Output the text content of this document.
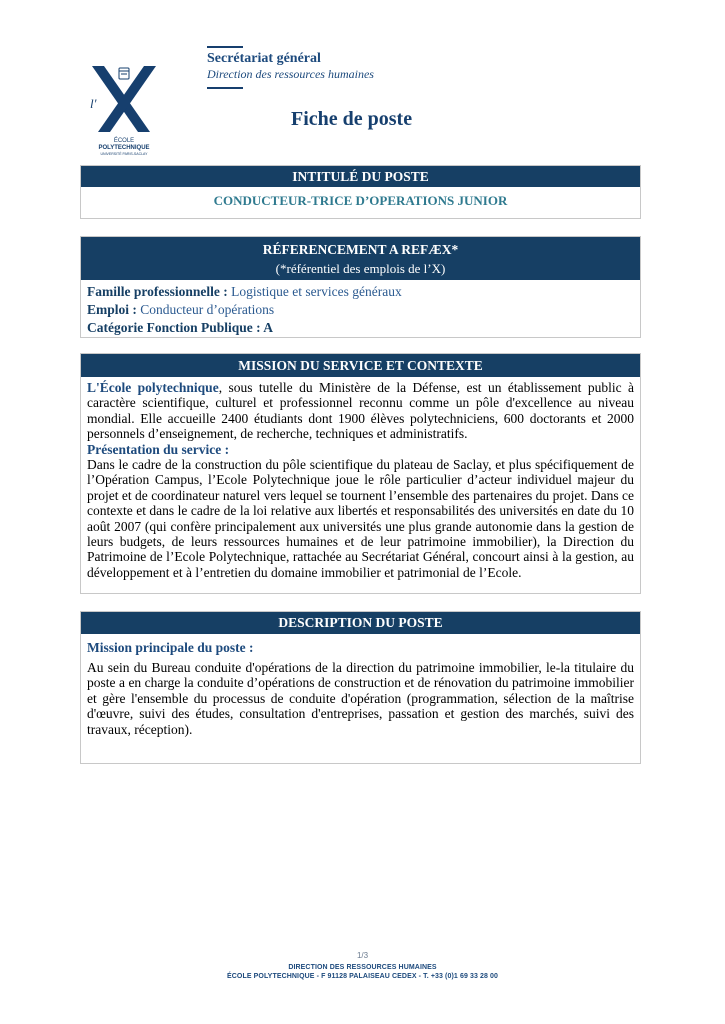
l'
ÉCOLE
POLYTECHNIQUE
UNIVERSITÉ PARIS-SACLAY
Secrétariat général
Direction des ressources humaines
Fiche de poste
INTITULÉ DU POSTE
CONDUCTEUR-TRICE D’OPERATIONS JUNIOR
RÉFERENCEMENT A REFÆX*
(*référentiel des emplois de l’X)
Famille professionnelle : Logistique et services généraux
Emploi : Conducteur d’opérations
Catégorie Fonction Publique : A
MISSION DU SERVICE ET CONTEXTE

L'École polytechnique, sous tutelle du Ministère de la Défense, est un établissement public à caractère scientifique, culturel et professionnel reconnu comme un pôle d'excellence au niveau mondial. Elle accueille 2400 étudiants dont 1900 élèves polytechniciens, 600 doctorants et 2000 personnels d’enseignement, de recherche, techniques et administratifs.

Présentation du service :

Dans le cadre de la construction du pôle scientifique du plateau de Saclay, et plus spécifiquement de l’Opération Campus, l’Ecole Polytechnique joue le rôle particulier d’acteur individuel majeur du projet et de coordinateur naturel vers lequel se tournent l’ensemble des partenaires du projet. Dans ce contexte et dans le cadre de la loi relative aux libertés et responsabilités des universités en date du 10 août 2007 (qui confère principalement aux universités une plus grande autonomie dans la gestion de leurs budgets, de leurs ressources humaines et de leur patrimoine immobilier), la Direction du Patrimoine de l’Ecole Polytechnique, rattachée au Secrétariat Général, concourt ainsi à la gestion, au développement et à l’entretien du domaine immobilier et patrimonial de l’Ecole.

DESCRIPTION DU POSTE
Mission principale du poste :
Au sein du Bureau conduite d'opérations de la direction du patrimoine immobilier, le-la titulaire du poste a en charge la conduite d’opérations de construction et de rénovation du patrimoine immobilier et gère l'ensemble du processus de conduite d'opération (programmation, sélection de la maîtrise d'œuvre, suivi des études, consultation d'entreprises, passation et gestion des marchés, suivi des travaux, réception).
1/3
DIRECTION DES RESSOURCES HUMAINES
ÉCOLE POLYTECHNIQUE - F 91128 PALAISEAU CEDEX - T. +33 (0)1 69 33 28 00
